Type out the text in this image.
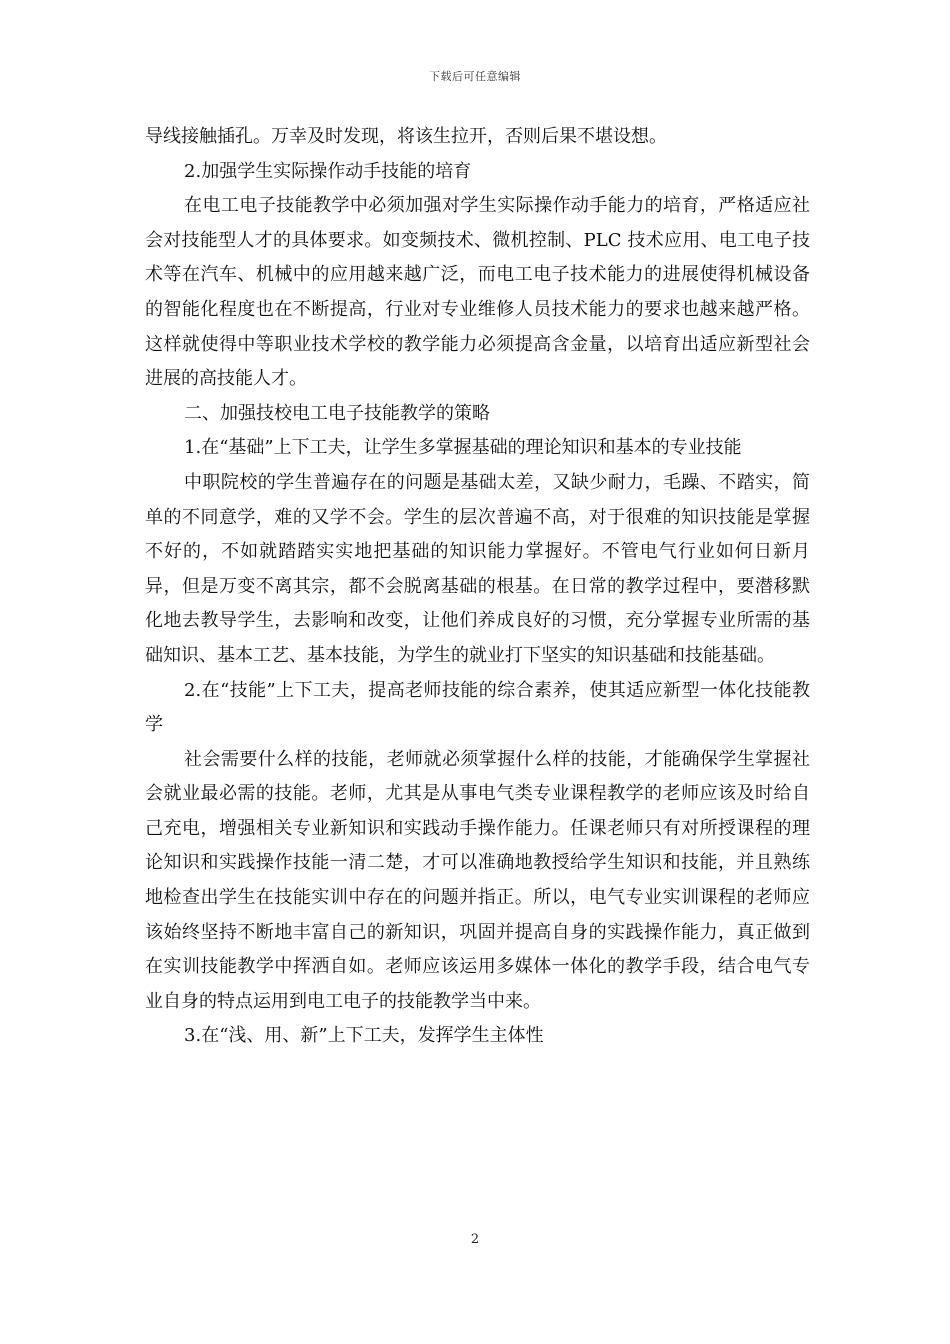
下载后可任意编辑

导线接触插孔。万幸及时发现，将该生拉开，否则后果不堪设想。

2.加强学生实际操作动手技能的培育

在电工电子技能教学中必须加强对学生实际操作动手能力的培育，严格适应社会对技能型人才的具体要求。如变频技术、微机控制、PLC 技术应用、电工电子技术等在汽车、机械中的应用越来越广泛，而电工电子技术能力的进展使得机械设备的智能化程度也在不断提高，行业对专业维修人员技术能力的要求也越来越严格。这样就使得中等职业技术学校的教学能力必须提高含金量，以培育出适应新型社会进展的高技能人才。

二、加强技校电工电子技能教学的策略

1.在“基础”上下工夫，让学生多掌握基础的理论知识和基本的专业技能

中职院校的学生普遍存在的问题是基础太差，又缺少耐力，毛躁、不踏实，简单的不同意学，难的又学不会。学生的层次普遍不高，对于很难的知识技能是掌握不好的，不如就踏踏实实地把基础的知识能力掌握好。不管电气行业如何日新月异，但是万变不离其宗，都不会脱离基础的根基。在日常的教学过程中，要潜移默化地去教导学生，去影响和改变，让他们养成良好的习惯，充分掌握专业所需的基础知识、基本工艺、基本技能，为学生的就业打下坚实的知识基础和技能基础。

2.在“技能”上下工夫，提高老师技能的综合素养，使其适应新型一体化技能教学

社会需要什么样的技能，老师就必须掌握什么样的技能，才能确保学生掌握社会就业最必需的技能。老师，尤其是从事电气类专业课程教学的老师应该及时给自己充电，增强相关专业新知识和实践动手操作能力。任课老师只有对所授课程的理论知识和实践操作技能一清二楚，才可以准确地教授给学生知识和技能，并且熟练地检查出学生在技能实训中存在的问题并指正。所以，电气专业实训课程的老师应该始终坚持不断地丰富自己的新知识，巩固并提高自身的实践操作能力，真正做到在实训技能教学中挥洒自如。老师应该运用多媒体一体化的教学手段，结合电气专业自身的特点运用到电工电子的技能教学当中来。

3.在“浅、用、新”上下工夫，发挥学生主体性

2
